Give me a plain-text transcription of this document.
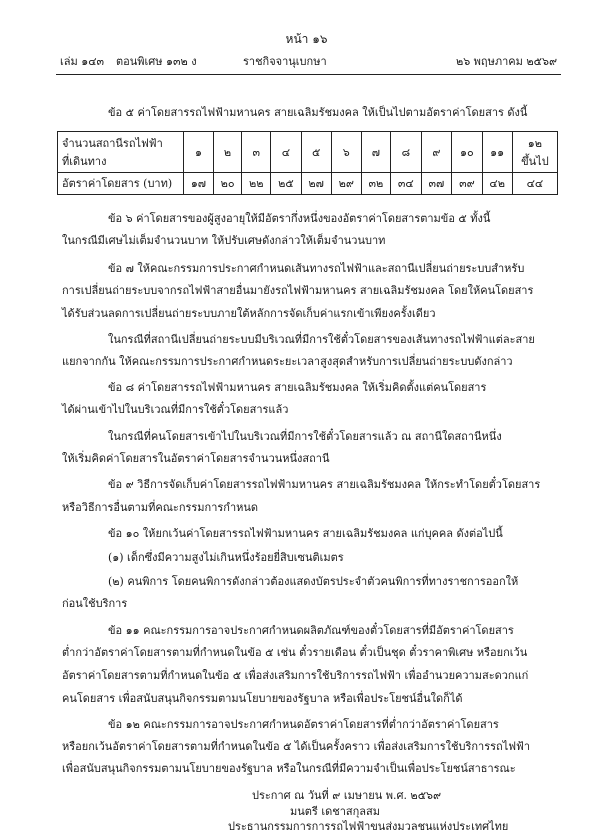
หน้า ๑๖
เล่ม ๑๔๓ ตอนพิเศษ ๑๓๒ ง	ราชกิจจานุเบกษา	๒๖ พฤษภาคม ๒๕๖๙

ข้อ ๕ ค่าโดยสารรถไฟฟ้ามหานคร สายเฉลิมรัชมงคล ให้เป็นไปตามอัตราค่าโดยสาร ดังนี้

จำนวนสถานีรถไฟฟ้า
ที่เดินทาง	๑	๒	๓	๔	๕	๖	๗	๘	๙	๑๐	๑๑	๑๒
ขึ้นไป
อัตราค่าโดยสาร (บาท)	๑๗	๒๐	๒๒	๒๕	๒๗	๒๙	๓๒	๓๔	๓๗	๓๙	๔๒	๔๔

ข้อ ๖ ค่าโดยสารของผู้สูงอายุให้มีอัตรากึ่งหนึ่งของอัตราค่าโดยสารตามข้อ ๕ ทั้งนี้

ในกรณีมีเศษไม่เต็มจำนวนบาท ให้ปรับเศษดังกล่าวให้เต็มจำนวนบาท

ข้อ ๗ ให้คณะกรรมการประกาศกำหนดเส้นทางรถไฟฟ้าและสถานีเปลี่ยนถ่ายระบบสำหรับ

การเปลี่ยนถ่ายระบบจากรถไฟฟ้าสายอื่นมายังรถไฟฟ้ามหานคร สายเฉลิมรัชมงคล โดยให้คนโดยสาร

ได้รับส่วนลดการเปลี่ยนถ่ายระบบภายใต้หลักการจัดเก็บค่าแรกเข้าเพียงครั้งเดียว

ในกรณีที่สถานีเปลี่ยนถ่ายระบบมีบริเวณที่มีการใช้ตั๋วโดยสารของเส้นทางรถไฟฟ้าแต่ละสาย

แยกจากกัน ให้คณะกรรมการประกาศกำหนดระยะเวลาสูงสุดสำหรับการเปลี่ยนถ่ายระบบดังกล่าว

ข้อ ๘ ค่าโดยสารรถไฟฟ้ามหานคร สายเฉลิมรัชมงคล ให้เริ่มคิดตั้งแต่คนโดยสาร

ได้ผ่านเข้าไปในบริเวณที่มีการใช้ตั๋วโดยสารแล้ว

ในกรณีที่คนโดยสารเข้าไปในบริเวณที่มีการใช้ตั๋วโดยสารแล้ว ณ สถานีใดสถานีหนึ่ง

ให้เริ่มคิดค่าโดยสารในอัตราค่าโดยสารจำนวนหนึ่งสถานี

ข้อ ๙ วิธีการจัดเก็บค่าโดยสารรถไฟฟ้ามหานคร สายเฉลิมรัชมงคล ให้กระทำโดยตั๋วโดยสาร

หรือวิธีการอื่นตามที่คณะกรรมการกำหนด

ข้อ ๑๐ ให้ยกเว้นค่าโดยสารรถไฟฟ้ามหานคร สายเฉลิมรัชมงคล แก่บุคคล ดังต่อไปนี้

(๑) เด็กซึ่งมีความสูงไม่เกินหนึ่งร้อยยี่สิบเซนติเมตร

(๒) คนพิการ โดยคนพิการดังกล่าวต้องแสดงบัตรประจำตัวคนพิการที่ทางราชการออกให้

ก่อนใช้บริการ

ข้อ ๑๑ คณะกรรมการอาจประกาศกำหนดผลิตภัณฑ์ของตั๋วโดยสารที่มีอัตราค่าโดยสาร

ต่ำกว่าอัตราค่าโดยสารตามที่กำหนดในข้อ ๕ เช่น ตั๋วรายเดือน ตั๋วเป็นชุด ตั๋วราคาพิเศษ หรือยกเว้น

อัตราค่าโดยสารตามที่กำหนดในข้อ ๕ เพื่อส่งเสริมการใช้บริการรถไฟฟ้า เพื่ออำนวยความสะดวกแก่

คนโดยสาร เพื่อสนับสนุนกิจกรรมตามนโยบายของรัฐบาล หรือเพื่อประโยชน์อื่นใดก็ได้

ข้อ ๑๒ คณะกรรมการอาจประกาศกำหนดอัตราค่าโดยสารที่ต่ำกว่าอัตราค่าโดยสาร

หรือยกเว้นอัตราค่าโดยสารตามที่กำหนดในข้อ ๕ ได้เป็นครั้งคราว เพื่อส่งเสริมการใช้บริการรถไฟฟ้า

เพื่อสนับสนุนกิจกรรมตามนโยบายของรัฐบาล หรือในกรณีที่มีความจำเป็นเพื่อประโยชน์สาธารณะ

ประกาศ ณ วันที่ ๙ เมษายน พ.ศ. ๒๕๖๙
มนตรี เดชาสกุลสม
ประธานกรรมการการรถไฟฟ้าขนส่งมวลชนแห่งประเทศไทย
